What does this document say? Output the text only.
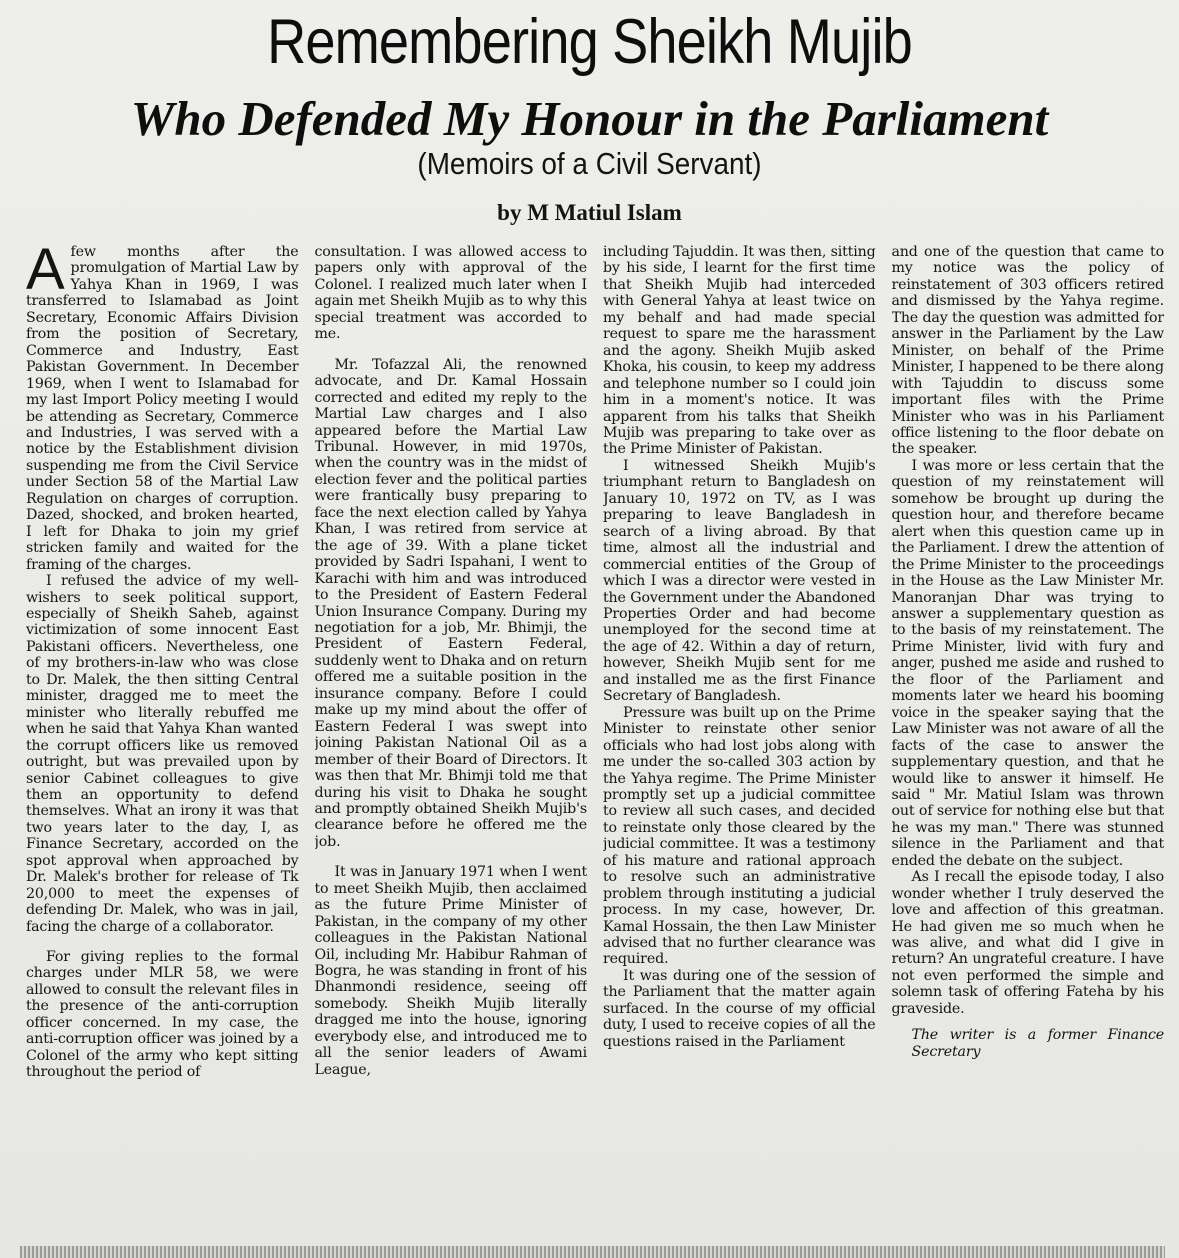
Remembering Sheikh Mujib
Who Defended My Honour in the Parliament
(Memoirs of a Civil Servant)
by M Matiul Islam

Afew months after the promulgation of Martial Law by Yahya Khan in 1969, I was transferred to Islamabad as Joint Secretary, Economic Affairs Division from the position of Secretary, Commerce and Industry, East Pakistan Government. In December 1969, when I went to Islamabad for my last Import Policy meeting I would be attending as Secretary, Commerce and Industries, I was served with a notice by the Establishment division suspending me from the Civil Service under Section 58 of the Martial Law Regulation on charges of corruption. Dazed, shocked, and broken hearted, I left for Dhaka to join my grief stricken family and waited for the framing of the charges.

I refused the advice of my well-wishers to seek political support, especially of Sheikh Saheb, against victimization of some innocent East Pakistani officers. Nevertheless, one of my brothers-in-law who was close to Dr. Malek, the then sitting Central minister, dragged me to meet the minister who literally rebuffed me when he said that Yahya Khan wanted the corrupt officers like us removed outright, but was prevailed upon by senior Cabinet colleagues to give them an opportunity to defend themselves. What an irony it was that two years later to the day, I, as Finance Secretary, accorded on the spot approval when approached by Dr. Malek's brother for release of Tk 20,000 to meet the expenses of defending Dr. Malek, who was in jail, facing the charge of a collaborator.

For giving replies to the formal charges under MLR 58, we were allowed to consult the relevant files in the presence of the anti-corruption officer concerned. In my case, the anti-corruption officer was joined by a Colonel of the army who kept sitting throughout the period of

consultation. I was allowed access to papers only with approval of the Colonel. I realized much later when I again met Sheikh Mujib as to why this special treatment was accorded to me.

Mr. Tofazzal Ali, the renowned advocate, and Dr. Kamal Hossain corrected and edited my reply to the Martial Law charges and I also appeared before the Martial Law Tribunal. However, in mid 1970s, when the country was in the midst of election fever and the political parties were frantically busy preparing to face the next election called by Yahya Khan, I was retired from service at the age of 39. With a plane ticket provided by Sadri Ispahani, I went to Karachi with him and was introduced to the President of Eastern Federal Union Insurance Company. During my negotiation for a job, Mr. Bhimji, the President of Eastern Federal, suddenly went to Dhaka and on return offered me a suitable position in the insurance company. Before I could make up my mind about the offer of Eastern Federal I was swept into joining Pakistan National Oil as a member of their Board of Directors. It was then that Mr. Bhimji told me that during his visit to Dhaka he sought and promptly obtained Sheikh Mujib's clearance before he offered me the job.

It was in January 1971 when I went to meet Sheikh Mujib, then acclaimed as the future Prime Minister of Pakistan, in the company of my other colleagues in the Pakistan National Oil, including Mr. Habibur Rahman of Bogra, he was standing in front of his Dhanmondi residence, seeing off somebody. Sheikh Mujib literally dragged me into the house, ignoring everybody else, and introduced me to all the senior leaders of Awami League,

including Tajuddin. It was then, sitting by his side, I learnt for the first time that Sheikh Mujib had interceded with General Yahya at least twice on my behalf and had made special request to spare me the harassment and the agony. Sheikh Mujib asked Khoka, his cousin, to keep my address and telephone number so I could join him in a moment's notice. It was apparent from his talks that Sheikh Mujib was preparing to take over as the Prime Minister of Pakistan.

I witnessed Sheikh Mujib's triumphant return to Bangladesh on January 10, 1972 on TV, as I was preparing to leave Bangladesh in search of a living abroad. By that time, almost all the industrial and commercial entities of the Group of which I was a director were vested in the Government under the Abandoned Properties Order and had become unemployed for the second time at the age of 42. Within a day of return, however, Sheikh Mujib sent for me and installed me as the first Finance Secretary of Bangladesh.

Pressure was built up on the Prime Minister to reinstate other senior officials who had lost jobs along with me under the so-called 303 action by the Yahya regime. The Prime Minister promptly set up a judicial committee to review all such cases, and decided to reinstate only those cleared by the judicial committee. It was a testimony of his mature and rational approach to resolve such an administrative problem through instituting a judicial process. In my case, however, Dr. Kamal Hossain, the then Law Minister advised that no further clearance was required.

It was during one of the session of the Parliament that the matter again surfaced. In the course of my official duty, I used to receive copies of all the questions raised in the Parliament

and one of the question that came to my notice was the policy of reinstatement of 303 officers retired and dismissed by the Yahya regime. The day the question was admitted for answer in the Parliament by the Law Minister, on behalf of the Prime Minister, I happened to be there along with Tajuddin to discuss some important files with the Prime Minister who was in his Parliament office listening to the floor debate on the speaker.

I was more or less certain that the question of my reinstatement will somehow be brought up during the question hour, and therefore became alert when this question came up in the Parliament. I drew the attention of the Prime Minister to the proceedings in the House as the Law Minister Mr. Manoranjan Dhar was trying to answer a supplementary question as to the basis of my reinstatement. The Prime Minister, livid with fury and anger, pushed me aside and rushed to the floor of the Parliament and moments later we heard his booming voice in the speaker saying that the Law Minister was not aware of all the facts of the case to answer the supplementary question, and that he would like to answer it himself. He said " Mr. Matiul Islam was thrown out of service for nothing else but that he was my man." There was stunned silence in the Parliament and that ended the debate on the subject.

As I recall the episode today, I also wonder whether I truly deserved the love and affection of this greatman. He had given me so much when he was alive, and what did I give in return? An ungrateful creature. I have not even performed the simple and solemn task of offering Fateha by his graveside.

The writer is a former Finance Secretary
